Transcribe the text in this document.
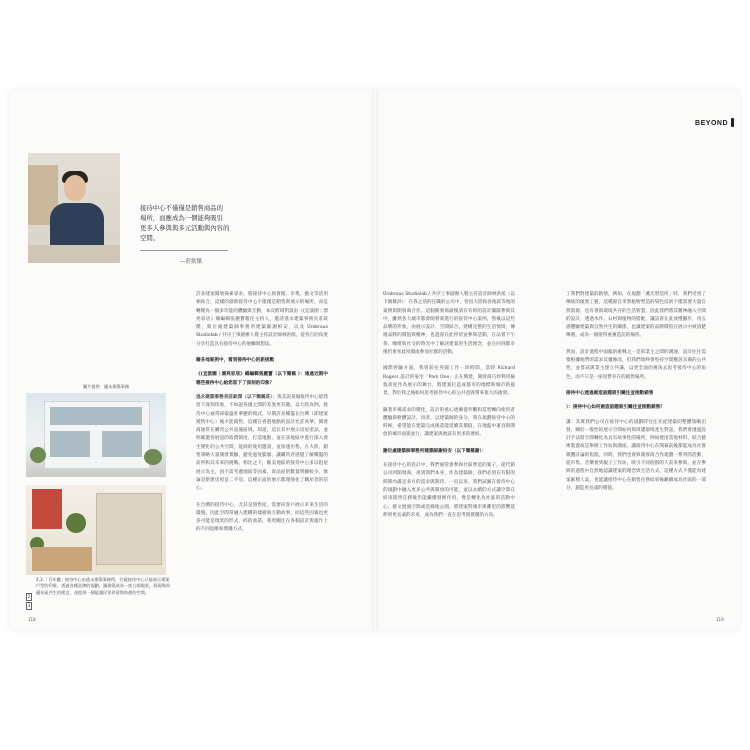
BEYOND
接待中心不僅僅是銷售商品的
場所，而應成為一個能夠吸引
更多人參與與多元活動與內容的
空間。
—莊欽傑
圖片提供：邊未建築事務
2
3
2,3.「百年樓」接待中心由逃永建築事務所，打破接待中心只能展示建案戶型的印象，透過各種品牌的規劃，讓建築成為一座公園地景，展現與周邊社區共生的理念，並提供一個能讓民眾停留與休憩的空間。

許多建案開始探索尋求，將接待中心與會館、市集、藝文等活用相結合，這樣的創新接待中心不僅僅是銷售與展示的場所，而是轉變為一個多功能的體驗與互動，本次跨域對談由《(宜談圍｜漂亮家居》總編輯張麗寶擔任主持人，邀請逃永建築事務長莊欽傑，與位處建築師事務所建築師謝柏安，以及 Ürobrous Studiolab / 共序工事創辦人暨主持設計師林洪淞，從各自的角度分享打造具有接待中心的展觸與想法。

藉各地案例中，看到接待中心的新挑戰

《(宜談圍｜漂亮家居》總編輯張麗寶（以下簡稱 ）：通過近期中哪些接待中心給您留下了深刻的印象？

逃永建築事務長莊欽傑（以下簡稱莊）：與其說某個接待中心給我留下深刻印象，不如說各國之間的差異更有趣。以大陸為例，接待中心通常採取盛壯華麗的模式，早期許多樓盤在台灣（即建案銷售中心）後才能銷售，這種在香港地點的設計允許高華。開發商通常在購買公共設施區域，知道，這在其中展示房屋產品，並明確邀客展設的收費制度，打造地點，並在該地區中進行深入發生變化的公共空間，能商的使用邀請，並加速出售。在大陸，銷售策略大量開發實驗，避免過度膨脹，讓購買者感覺了解樓盤的前所和其未來的挑戰。相比之下，歐美地區的接待中心多以租屋展示為主，因不需考慮地區等因素，貴品屋的數量明顯較少，無論是新建房屋是二手房，這種正面的展示都理強化了購屋者的信心。

在台灣的接待中心，尤其是預售屋，需要向客戶展示未來生活的樣貌，因此空間常融入建構的樣板與互動故事，而這些因素也更多可能是現狀的形式，碎的承諾，我更關注在各個設計與運作上的不同思維和實踐方式。

Ürobrous Studiolab / 共序工事創辦人暨主持設計師林洪淞（以下簡稱洪）：在我之前的任職的公司中，曾因大陸和各地區等地的案例與開發商合作。這個開發商最後請有有時的設計團隊參與其中，雖然各大城市都會開發商進行的接待中心案例，然後以這些品牌的形象，由展示設計、空間結合，建構完整的生活情境，傳遞品牌的價值與精神，也遊客在此停留並參與活動，在品嘗下午茶、咖啡與社交的時光中了解該建案的生活理念，並在回到都市後仍會來此度假或參加社群的活動。

國際經驗方面，我曾前往英國工作一段時間，當時 Richard Rogers 設計的豪宅「Park One」正在興建，開發商巧妙利用倫敦高度作為展示的舞台，將建案打造成都市的地標與城市新風景，對於我之後如何思考接待中心的公共意義帶來很大的啟發。

隨著市場需求的變化，設計的重心逐漸從外觀和造型轉向使用者體驗與軟體設計。再者，以建築師的身分，我在規劃接待中心的時候，希望能在建築完成後還能延續其價值，在地盤中兼容與開放的城市面貌並行，讓建案與地區有更多的連結。

謝位處建築師事務所建築師謝柏安（以下簡稱謝）：

在接待中心的設計中，我們通常會參與社區營造的案子，從代銷公司到開發商，再到我們本身，作為建築師，我們必須在有限的時間內滿足多方的需求與期待。一直以來，我們試圖在接待中心的規劃中融入更多公共與開放的可能，並以永續的方式讓空間在結束銷售任務後仍能繼續發揮作用，像是轉化為社區的活動中心、藝文展演空間或是綠地公園，將建案對城市與鄰里的影響延伸到更長遠的未來，成為我們一直在思考與實踐的方向。

了我們對建築的熱情，例如，在規劃「溪光智造所」時，我們受到了傳統的啟發工藝，這種源自米然植物塑造的染色技術不僅需要大量自然資源，也有著與環境共存的生活智慧，因此我們將其精神融入空間的設計，透過木作、石材與植物的搭配，讓訪客在此放慢腳步，用五感體驗建築與自然共生的關係，也讓建案的品牌價值在展示中被清楚傳遞，成為一個值得重複造訪的場所。

然而，設計過程中面臨的挑戰之一是與業主之間的溝通，設計往往需要根據他們的需求反覆修改，但我們始終會堅持空間應該具備的公共性，並嘗試與業主建立共識，以更全面的視角去思考接待中心的角色，而不只是一座短暫存在的銷售場所。

接待中心透過創造話題吸引關注並推動銷售

）：接待中心如何創造話題吸引關注並推動銷售？

講：其實我們公司在接待中心的規劃時往往先從建築的整體策略出發，關於一般性的展示空間如何與周遭環境產生對話，我們會透過設計手法將空間轉化為具有故事性的場所，例如使用當地材料、結合藝術裝置或是舉辦工作坊與講座，讓接待中心在開幕前後都能成為社群媒體討論的焦點，同時，我們也會與開發商合作規劃一系列的活動，從市集、音樂會到親子工作坊，吸引不同族群的人前來參與，並在參與的過程中自然地認識建案的理念與生活方式，這種方式不僅能為建案累積人氣，也能讓接待中心在銷售任務結束後繼續成為社區的一部分，創造更長遠的價值。

118	119
